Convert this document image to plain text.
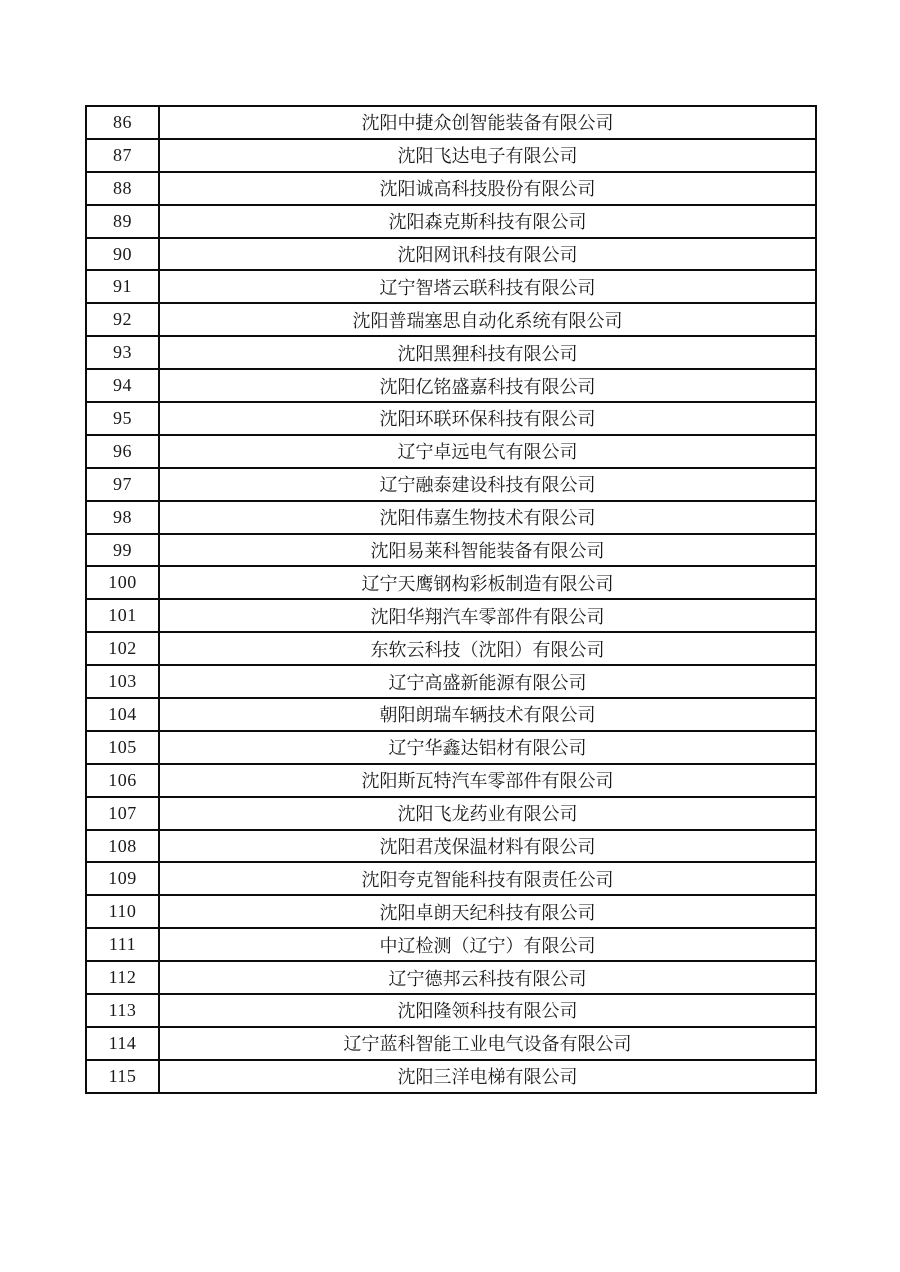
86	沈阳中捷众创智能装备有限公司
87	沈阳飞达电子有限公司
88	沈阳诚高科技股份有限公司
89	沈阳森克斯科技有限公司
90	沈阳网讯科技有限公司
91	辽宁智塔云联科技有限公司
92	沈阳普瑞塞思自动化系统有限公司
93	沈阳黑狸科技有限公司
94	沈阳亿铭盛嘉科技有限公司
95	沈阳环联环保科技有限公司
96	辽宁卓远电气有限公司
97	辽宁融泰建设科技有限公司
98	沈阳伟嘉生物技术有限公司
99	沈阳易莱科智能装备有限公司
100	辽宁天鹰钢构彩板制造有限公司
101	沈阳华翔汽车零部件有限公司
102	东软云科技（沈阳）有限公司
103	辽宁高盛新能源有限公司
104	朝阳朗瑞车辆技术有限公司
105	辽宁华鑫达铝材有限公司
106	沈阳斯瓦特汽车零部件有限公司
107	沈阳飞龙药业有限公司
108	沈阳君茂保温材料有限公司
109	沈阳夸克智能科技有限责任公司
110	沈阳卓朗天纪科技有限公司
111	中辽检测（辽宁）有限公司
112	辽宁德邦云科技有限公司
113	沈阳隆领科技有限公司
114	辽宁蓝科智能工业电气设备有限公司
115	沈阳三洋电梯有限公司
